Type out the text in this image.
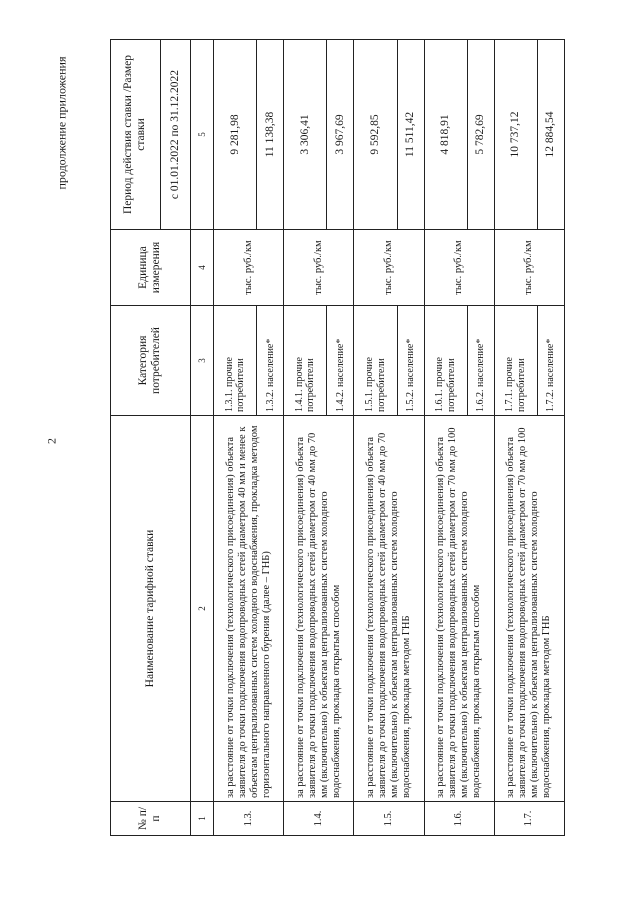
2
продолжение приложения
№ п/п	Наименование тарифной ставки	Категория потребителей	Единица измерения	Период действия ставки /Размер ставки
				с 01.01.2022 по 31.12.2022
1	2	3	4	5
1.3.	за расстояние от точки подключения (технологического присоединения) объекта заявителя до точки подключения водопроводных сетей диаметром 40 мм и менее к объектам централизованных систем холодного водоснабжения, прокладка методом горизонтального направленного бурения (далее – ГНБ)	1.3.1. прочие потребители	тыс. руб./км	9 281,98
		1.3.2. население*		11 138,38
1.4.	за расстояние от точки подключения (технологического присоединения) объекта заявителя до точки подключения водопроводных сетей диаметром от 40 мм до 70 мм (включительно) к объектам централизованных систем холодного водоснабжения, прокладка открытым способом	1.4.1. прочие потребители	тыс. руб./км	3 306,41
		1.4.2. население*		3 967,69
1.5.	за расстояние от точки подключения (технологического присоединения) объекта заявителя до точки подключения водопроводных сетей диаметром от 40 мм до 70 мм (включительно) к объектам централизованных систем холодного водоснабжения, прокладка методом ГНБ	1.5.1. прочие потребители	тыс. руб./км	9 592,85
		1.5.2. население*		11 511,42
1.6.	за расстояние от точки подключения (технологического присоединения) объекта заявителя до точки подключения водопроводных сетей диаметром от 70 мм до 100 мм (включительно) к объектам централизованных систем холодного водоснабжения, прокладка открытым способом	1.6.1. прочие потребители	тыс. руб./км	4 818,91
		1.6.2. население*		5 782,69
1.7.	за расстояние от точки подключения (технологического присоединения) объекта заявителя до точки подключения водопроводных сетей диаметром от 70 мм до 100 мм (включительно) к объектам централизованных систем холодного водоснабжения, прокладка методом ГНБ	1.7.1. прочие потребители	тыс. руб./км	10 737,12
		1.7.2. население*		12 884,54
